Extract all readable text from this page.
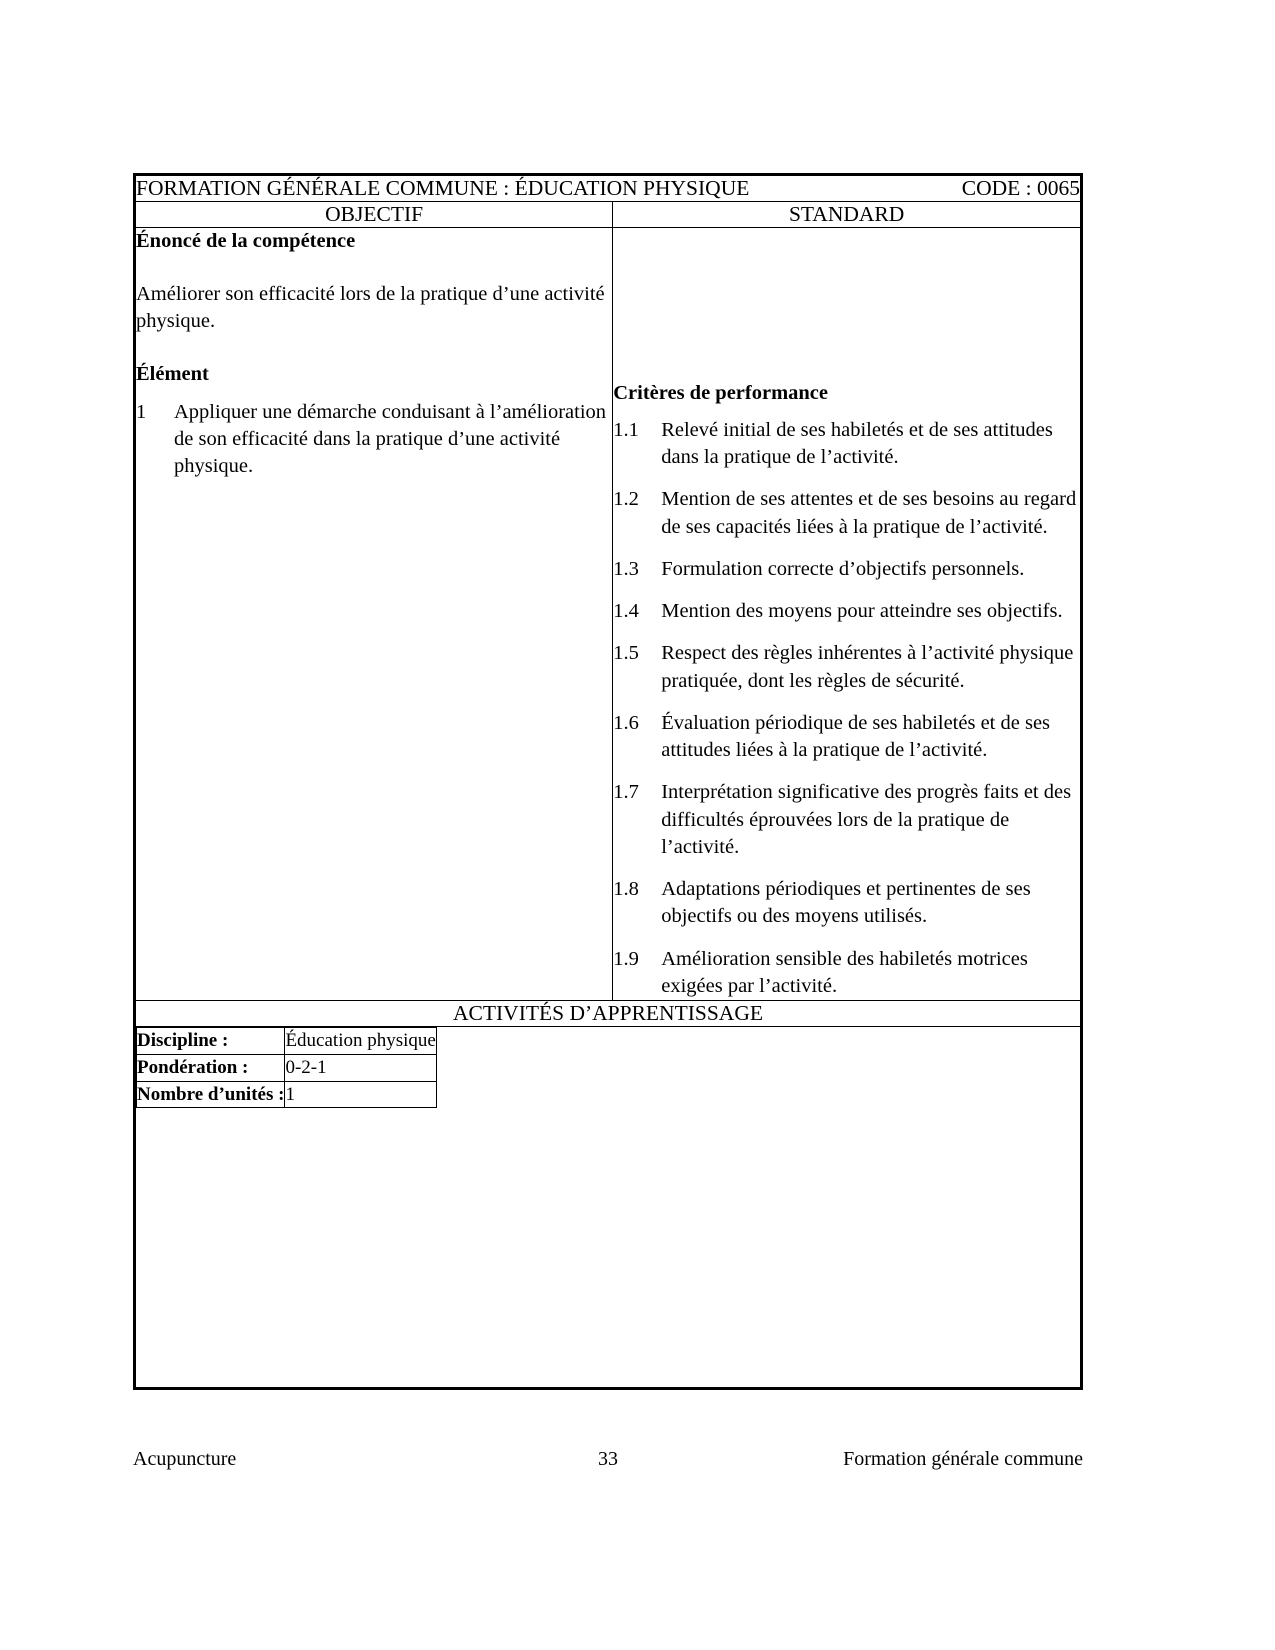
FORMATION GÉNÉRALE COMMUNE : ÉDUCATION PHYSIQUE	CODE : 0065

OBJECTIF	STANDARD

Énoncé de la compétence
Améliorer son efficacité lors de la pratique d’une activité physique.
Élément
1	Appliquer une démarche conduisant à l’amélioration de son efficacité dans la pratique d’une activité physique.

Critères de performance
1.1	Relevé initial de ses habiletés et de ses attitudes dans la pratique de l’activité.
1.2	Mention de ses attentes et de ses besoins au regard de ses capacités liées à la pratique de l’activité.
1.3	Formulation correcte d’objectifs personnels.
1.4	Mention des moyens pour atteindre ses objectifs.
1.5	Respect des règles inhérentes à l’activité physique pratiquée, dont les règles de sécurité.
1.6	Évaluation périodique de ses habiletés et de ses attitudes liées à la pratique de l’activité.
1.7	Interprétation significative des progrès faits et des difficultés éprouvées lors de la pratique de l’activité.
1.8	Adaptations périodiques et pertinentes de ses objectifs ou des moyens utilisés.
1.9	Amélioration sensible des habiletés motrices exigées par l’activité.

ACTIVITÉS D’APPRENTISSAGE

Discipline :	Éducation physique
Pondération :	0-2-1
Nombre d’unités :	1
Acupuncture	33	Formation générale commune
